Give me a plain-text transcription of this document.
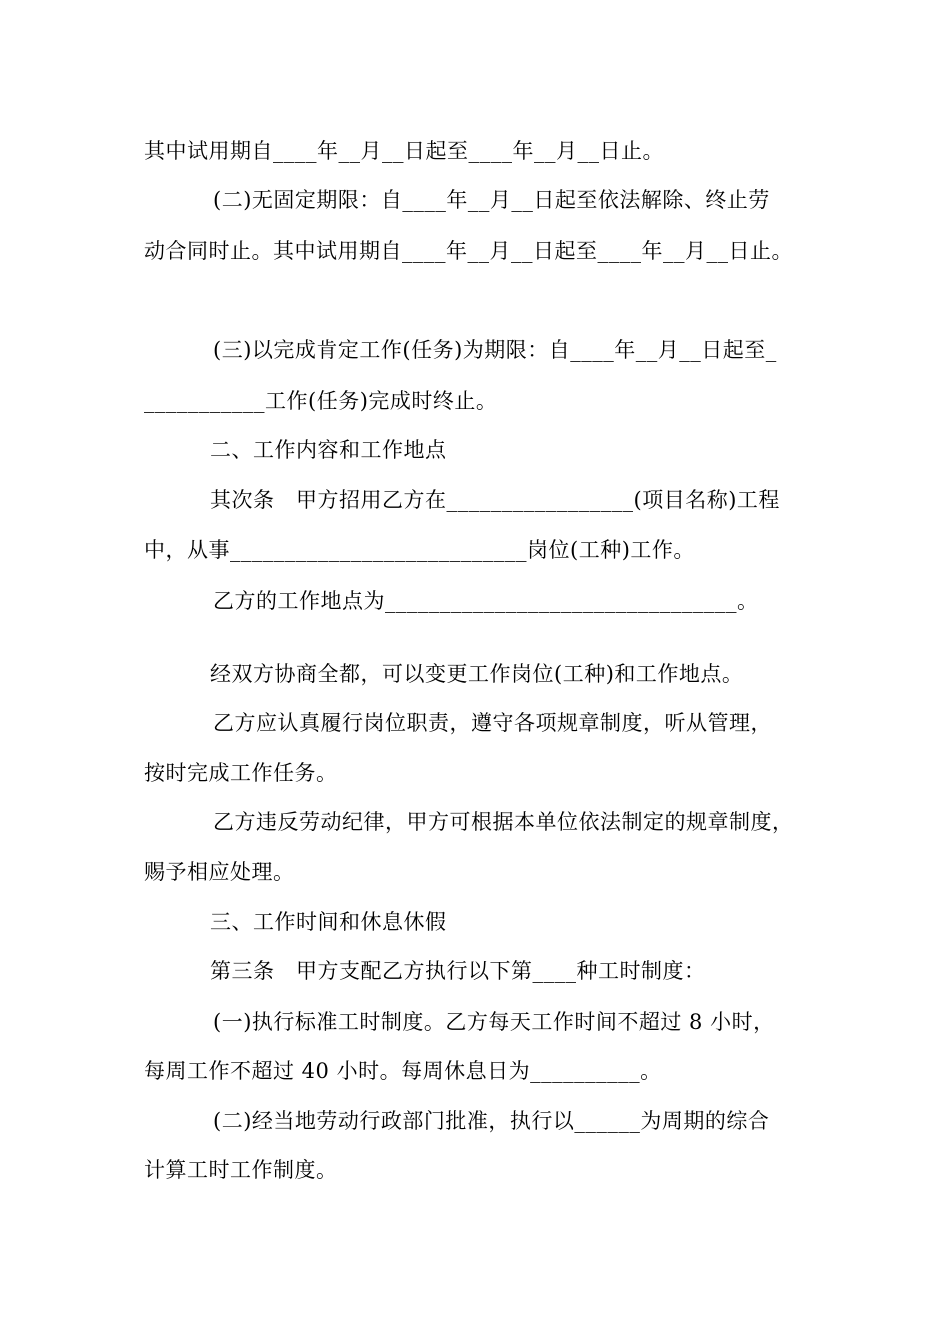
其中试用期自____年__月__日起至____年__月__日止。
(二)无固定期限：自____年__月__日起至依法解除、终止劳
动合同时止。其中试用期自____年__月__日起至____年__月__日止。
(三)以完成肯定工作(任务)为期限：自____年__月__日起至_
___________工作(任务)完成时终止。
二、工作内容和工作地点
其次条　甲方招用乙方在_________________(项目名称)工程
中，从事___________________________岗位(工种)工作。
乙方的工作地点为________________________________。
经双方协商全都，可以变更工作岗位(工种)和工作地点。
乙方应认真履行岗位职责，遵守各项规章制度，听从管理，
按时完成工作任务。
乙方违反劳动纪律，甲方可根据本单位依法制定的规章制度，
赐予相应处理。
三、工作时间和休息休假
第三条　甲方支配乙方执行以下第____种工时制度：
(一)执行标准工时制度。乙方每天工作时间不超过 8 小时，
每周工作不超过 40 小时。每周休息日为__________。
(二)经当地劳动行政部门批准，执行以______为周期的综合
计算工时工作制度。
